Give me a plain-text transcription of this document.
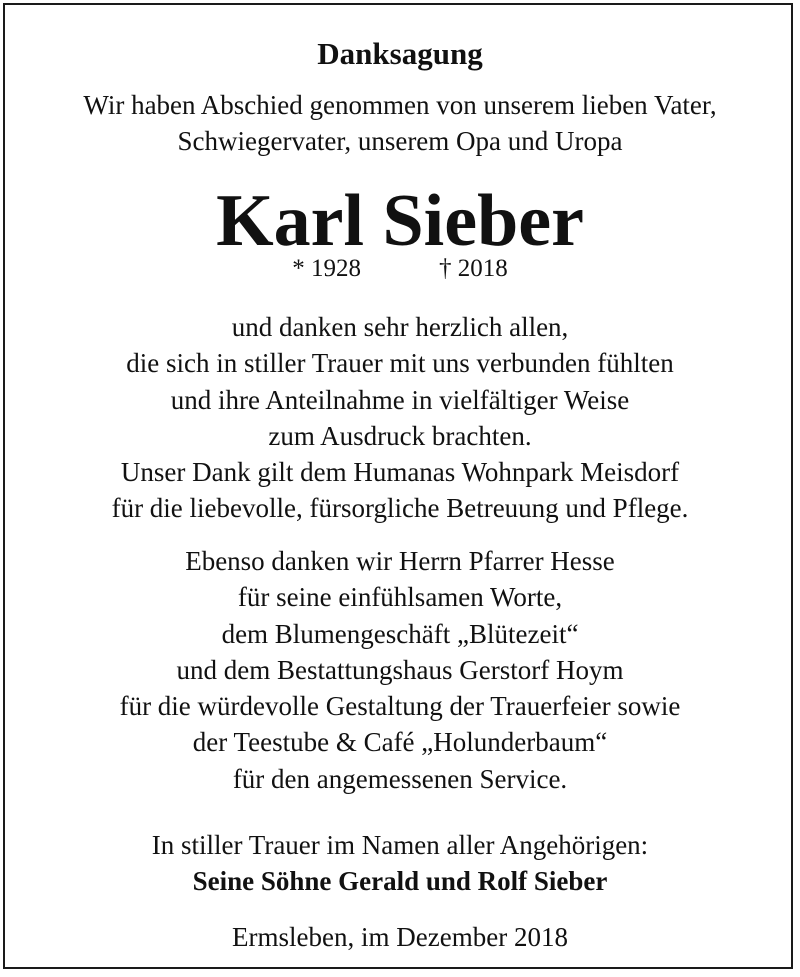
Danksagung
Wir haben Abschied genommen von unserem lieben Vater,
Schwiegervater, unserem Opa und Uropa
Karl Sieber
* 1928	† 2018
und danken sehr herzlich allen,
die sich in stiller Trauer mit uns verbunden fühlten
und ihre Anteilnahme in vielfältiger Weise
zum Ausdruck brachten.
Unser Dank gilt dem Humanas Wohnpark Meisdorf
für die liebevolle, fürsorgliche Betreuung und Pflege.
Ebenso danken wir Herrn Pfarrer Hesse
für seine einfühlsamen Worte,
dem Blumengeschäft „Blütezeit“
und dem Bestattungshaus Gerstorf Hoym
für die würdevolle Gestaltung der Trauerfeier sowie
der Teestube & Café „Holunderbaum“
für den angemessenen Service.
In stiller Trauer im Namen aller Angehörigen:
Seine Söhne Gerald und Rolf Sieber
Ermsleben, im Dezember 2018
